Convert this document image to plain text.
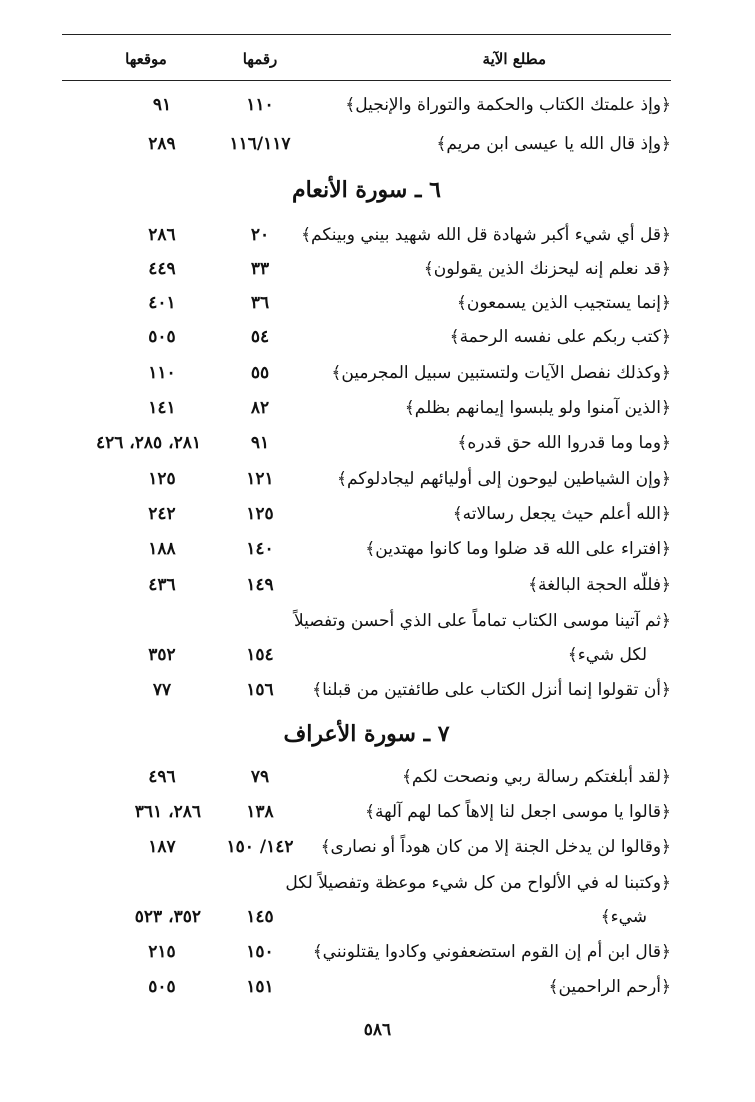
مطلع الآية
رقمها
موقعها
﴿وإذ علمتك الكتاب والحكمة والتوراة والإنجيل﴾
١١٠
٩١
﴿وإذ قال الله يا عيسى ابن مريم﴾
١١٦/١١٧
٢٨٩
٦ ـ سورة الأنعام
﴿قل أي شيء أكبر شهادة قل الله شهيد بيني وبينكم﴾
٢٠
٢٨٦
﴿قد نعلم إنه ليحزنك الذين يقولون﴾
٣٣
٤٤٩
﴿إنما يستجيب الذين يسمعون﴾
٣٦
٤٠١
﴿كتب ربكم على نفسه الرحمة﴾
٥٤
٥٠٥
﴿وكذلك نفصل الآيات ولتستبين سبيل المجرمين﴾
٥٥
١١٠
﴿الذين آمنوا ولو يلبسوا إيمانهم بظلم﴾
٨٢
١٤١
﴿وما وما قدروا الله حق قدره﴾
٩١
٢٨١، ٢٨٥، ٤٢٦
﴿وإن الشياطين ليوحون إلى أوليائهم ليجادلوكم﴾
١٢١
١٢٥
﴿الله أعلم حيث يجعل رسالاته﴾
١٢٥
٢٤٢
﴿افتراء على الله قد ضلوا وما كانوا مهتدين﴾
١٤٠
١٨٨
﴿فللّه الحجة البالغة﴾
١٤٩
٤٣٦
﴿ثم آتينا موسى الكتاب تماماً على الذي أحسن وتفصيلاً
لكل شيء﴾
١٥٤
٣٥٢
﴿أن تقولوا إنما أنزل الكتاب على طائفتين من قبلنا﴾
١٥٦
٧٧
٧ ـ سورة الأعراف
﴿لقد أبلغتكم رسالة ربي ونصحت لكم﴾
٧٩
٤٩٦
﴿قالوا يا موسى اجعل لنا إلاهاً كما لهم آلهة﴾
١٣٨
٢٨٦، ٣٦١
﴿وقالوا لن يدخل الجنة إلا من كان هوداً أو نصارى﴾
١٤٢/ ١٥٠
١٨٧
﴿وكتبنا له في الألواح من كل شيء موعظة وتفصيلاً لكل
شيء﴾
١٤٥
٣٥٢، ٥٢٣
﴿قال ابن أم إن القوم استضعفوني وكادوا يقتلونني﴾
١٥٠
٢١٥
﴿أرحم الراحمين﴾
١٥١
٥٠٥
٥٨٦
